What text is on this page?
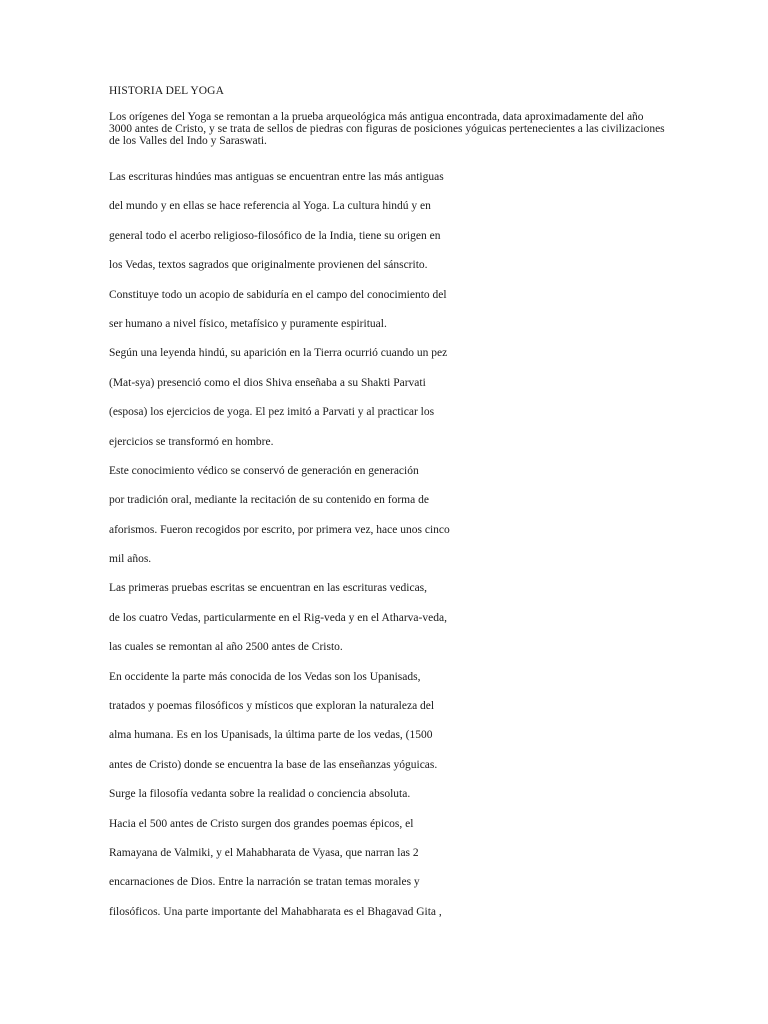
HISTORIA DEL YOGA

Los orígenes del Yoga se remontan a la prueba arqueológica más antigua encontrada, data aproximadamente del año 3000 antes de Cristo, y se trata de sellos de piedras con figuras de posiciones yóguicas pertenecientes a las civilizaciones de los Valles del Indo y Saraswati.

Las escrituras hindúes mas antiguas se encuentran entre las más antiguas
del mundo y en ellas se hace referencia al Yoga. La cultura hindú y en
general todo el acerbo religioso-filosófico de la India, tiene su origen en
los Vedas, textos sagrados que originalmente provienen del sánscrito.
Constituye todo un acopio de sabiduría en el campo del conocimiento del
ser humano a nivel físico, metafísico y puramente espiritual.
Según una leyenda hindú, su aparición en la Tierra ocurrió cuando un pez
(Mat-sya) presenció como el dios Shiva enseñaba a su Shakti Parvati
(esposa) los ejercicios de yoga. El pez imitó a Parvati y al practicar los
ejercicios se transformó en hombre.
Este conocimiento védico se conservó de generación en generación
por tradición oral, mediante la recitación de su contenido en forma de
aforismos. Fueron recogidos por escrito, por primera vez, hace unos cinco
mil años.
Las primeras pruebas escritas se encuentran en las escrituras vedicas,
de los cuatro Vedas, particularmente en el Rig-veda y en el Atharva-veda,
las cuales se remontan al año 2500 antes de Cristo.
En occidente la parte más conocida de los Vedas son los Upanisads,
tratados y poemas filosóficos y místicos que exploran la naturaleza del
alma humana. Es en los Upanisads, la última parte de los vedas, (1500
antes de Cristo) donde se encuentra la base de las enseñanzas yóguicas.
Surge la filosofía vedanta sobre la realidad o conciencia absoluta.
Hacia el 500 antes de Cristo surgen dos grandes poemas épicos, el
Ramayana de Valmiki, y el Mahabharata de Vyasa, que narran las 2
encarnaciones de Dios. Entre la narración se tratan temas morales y
filosóficos. Una parte importante del Mahabharata es el Bhagavad Gita ,
